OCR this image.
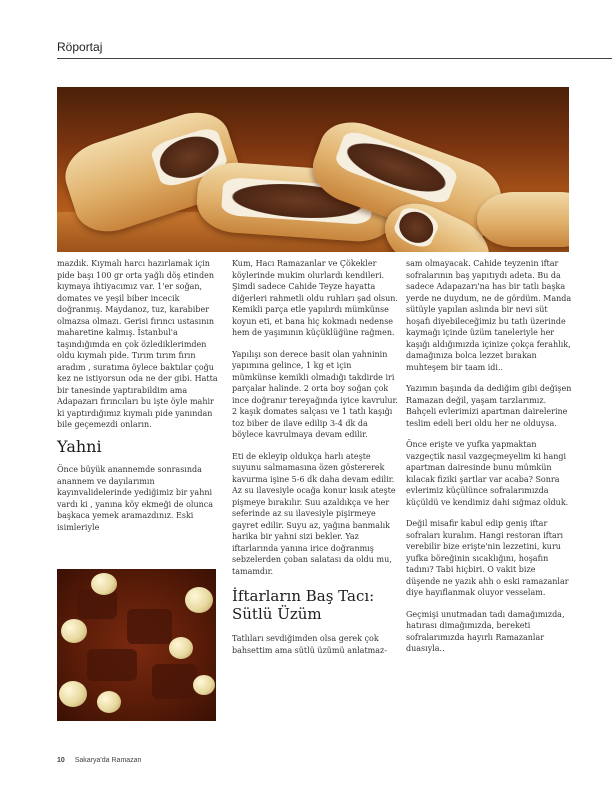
Röportaj

mazdık. Kıymalı harcı hazırlamak için pide başı 100 gr orta yağlı döş etinden kıymaya ihtiyacımız var. 1'er soğan, domates ve yeşil biber incecik doğranmış. Maydanoz, tuz, karabiber olmazsa olmazı. Gerisi fırıncı ustasının maharetine kalmış. İstanbul'a taşındığımda en çok özlediklerimden oldu kıymalı pide. Tırım tırım fırın aradım , suratıma öylece baktılar çoğu kez ne istiyorsun oda ne der gibi. Hatta bir tanesinde yaptırabildim ama Adapazarı fırıncıları bu işte öyle mahir ki yaptırdığımız kıymalı pide yanından bile geçemezdi onların.

Yahni

Önce büyük anannemde sonrasında anannem ve dayılarımın kayınvalidelerinde yediğimiz bir yahni vardı ki , yanına köy ekmeği de olunca başkaca yemek aramazdınız. Eski isimleriyle

Kum, Hacı Ramazanlar ve Çökekler köylerinde mukim olurlardı kendileri. Şimdi sadece Cahide Teyze hayatta diğerleri rahmetli oldu ruhları şad olsun. Kemikli parça etle yapılırdı mümkünse koyun eti, et bana hiç kokmadı nedense hem de yaşımının küçüklüğüne rağmen.

Yapılışı son derece basit olan yahninin yapımına gelince, 1 kg et için mümkünse kemikli olmadığı takdirde iri parçalar halinde. 2 orta boy soğan çok ince doğranır tereyağında iyice kavrulur. 2 kaşık domates salçası ve 1 tatlı kaşığı toz biber de ilave edilip 3-4 dk da böylece kavrulmaya devam edilir.

Eti de ekleyip oldukça harlı ateşte suyunu salmamasına özen göstererek kavurma işine 5-6 dk daha devam edilir. Az su ilavesiyle ocağa konur kısık ateşte pişmeye bırakılır. Suu azaldıkça ve her seferinde az su ilavesiyle pişirmeye gayret edilir. Suyu az, yağına banmalık harika bir yahni sizi bekler. Yaz iftarlarında yanına irice doğranmış sebzelerden çoban salatası da oldu mu, tamamdır.

İftarların Baş Tacı:
Sütlü Üzüm

Tatlıları sevdiğimden olsa gerek çok bahsettim ama sütlü üzümü anlatmaz-

sam olmayacak. Cahide teyzenin iftar sofralarının baş yapıtıydı adeta. Bu da sadece Adapazarı'na has bir tatlı başka yerde ne duydum, ne de gördüm. Manda sütüyle yapılan aslında bir nevi süt hoşafı diyebileceğimiz bu tatlı üzerinde kaymağı içinde üzüm taneleriyle her kaşığı aldığımızda içinize çokça ferahlık, damağınıza bolca lezzet bırakan muhteşem bir taam idi..

Yazımın başında da dediğim gibi değişen Ramazan değil, yaşam tarzlarımız. Bahçeli evlerimizi apartman dairelerine teslim edeli beri oldu her ne olduysa.

Önce erişte ve yufka yapmaktan vazgeçtik nasıl vazgeçmeyelim ki hangi apartman dairesinde bunu mümkün kılacak fiziki şartlar var acaba? Sonra evlerimiz küçülünce sofralarımızda küçüldü ve kendimiz dahi sığmaz olduk.

Değil misafir kabul edip geniş iftar sofraları kuralım. Hangi restoran iftarı verebilir bize erişte'nin lezzetini, kuru yufka böreğinin sıcaklığını, hoşafın tadını? Tabi hiçbiri. O vakit bize düşende ne yazık ahh o eski ramazanlar diye hayıflanmak oluyor vesselam.

Geçmişi unutmadan tadı damağımızda, hatırası dimağımızda, bereketi sofralarımızda hayırlı Ramazanlar duasıyla..

10 Sakarya'da Ramazan
